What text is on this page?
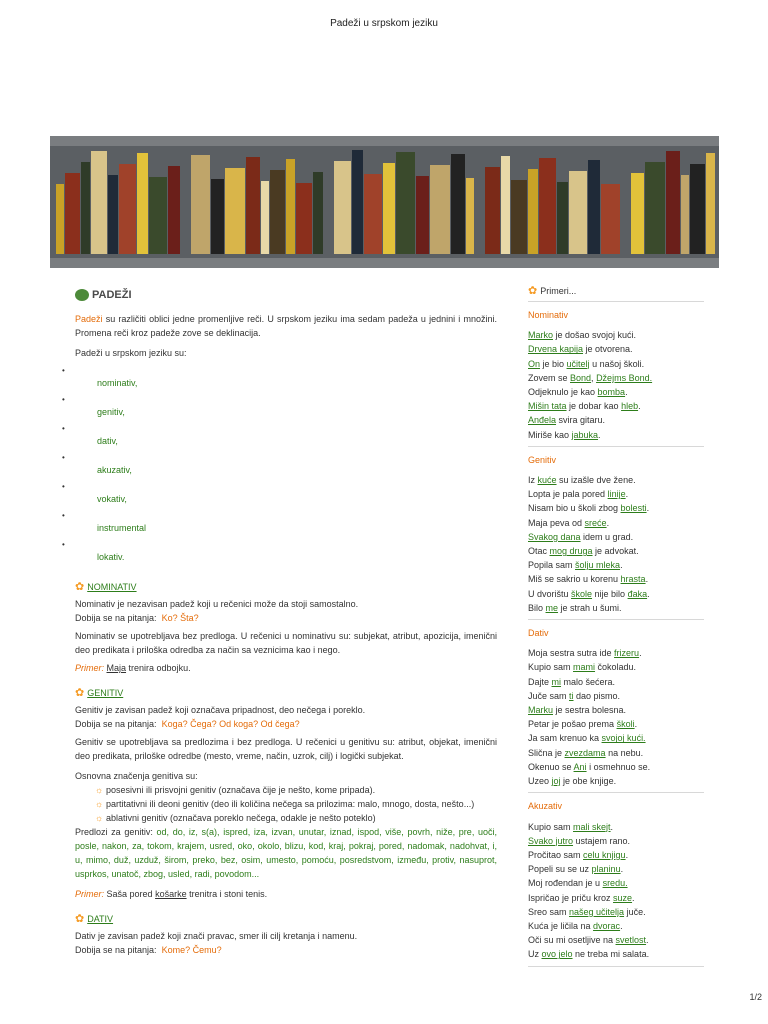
Padeži u srpskom jeziku
PADEŽI

Padeži su različiti oblici jedne promenljive reči. U srpskom jeziku ima sedam padeža u jednini i množini. Promena reči kroz padeže zove se deklinacija.

Padeži u srpskom jeziku su:

•
nominativ,
•
genitiv,
•
dativ,
•
akuzativ,
•
vokativ,
•
instrumental
•
lokativ.
✿ NOMINATIV

Nominativ je nezavisan padež koji u rečenici može da stoji samostalno.

Dobija se na pitanja: Ko? Šta?

Nominativ se upotrebljava bez predloga. U rečenici u nominativu su: subjekat, atribut, apozicija, imenični deo predikata i priloška odredba za način sa veznicima kao i nego.

Primer: Maja trenira odbojku.

✿ GENITIV

Genitiv je zavisan padež koji označava pripadnost, deo nečega i poreklo.

Dobija se na pitanja: Koga? Čega? Od koga? Od čega?

Genitiv se upotrebljava sa predlozima i bez predloga. U rečenici u genitivu su: atribut, objekat, imenični deo predikata, priloške odredbe (mesto, vreme, način, uzrok, cilj) i logički subjekat.

Osnovna značenja genitiva su:

☼ posesivni ili prisvojni genitiv (označava čije je nešto, kome pripada).
☼ partitativni ili deoni genitiv (deo ili količina nečega sa prilozima: malo, mnogo, dosta, nešto...)
☼ ablativni genitiv (označava poreklo nečega, odakle je nešto poteklo)

Predlozi za genitiv: od, do, iz, s(a), ispred, iza, izvan, unutar, iznad, ispod, više, povrh, niže, pre, uoči, posle, nakon, za, tokom, krajem, usred, oko, okolo, blizu, kod, kraj, pokraj, pored, nadomak, nadohvat, i, u, mimo, duž, uzduž, širom, preko, bez, osim, umesto, pomoću, posredstvom, između, protiv, nasuprot, usprkos, unatoč, zbog, usled, radi, povodom...

Primer: Saša pored košarke trenitra i stoni tenis.

✿ DATIV

Dativ je zavisan padež koji znači pravac, smer ili cilj kretanja i namenu.

Dobija se na pitanja: Kome? Čemu?

✿ Primeri...
Nominativ

Marko je došao svojoj kući.

Drvena kapija je otvorena.

On je bio učitelj u našoj školi.

Zovem se Bond, Džejms Bond.

Odjeknulo je kao bomba.

Mišin tata je dobar kao hleb.

Anđela svira gitaru.

Miriše kao jabuka.

Genitiv

Iz kuće su izašle dve žene.

Lopta je pala pored linije.

Nisam bio u školi zbog bolesti.

Maja peva od sreće.

Svakog dana idem u grad.

Otac mog druga je advokat.

Popila sam šolju mleka.

Miš se sakrio u korenu hrasta.

U dvorištu škole nije bilo đaka.

Bilo me je strah u šumi.

Dativ

Moja sestra sutra ide frizeru.

Kupio sam mami čokoladu.

Dajte mi malo šećera.

Juče sam ti dao pismo.

Marku je sestra bolesna.

Petar je pošao prema školi.

Ja sam krenuo ka svojoj kući.

Slična je zvezdama na nebu.

Okenuo se Ani i osmehnuo se.

Uzeo joj je obe knjige.

Akuzativ

Kupio sam mali skejt.

Svako jutro ustajem rano.

Pročitao sam celu knjigu.

Popeli su se uz planinu.

Moj rođendan je u sredu.

Ispričao je priču kroz suze.

Sreo sam našeg učitelja juče.

Kuća je ličila na dvorac.

Oči su mi osetljive na svetlost.

Uz ovo jelo ne treba mi salata.

1/2
